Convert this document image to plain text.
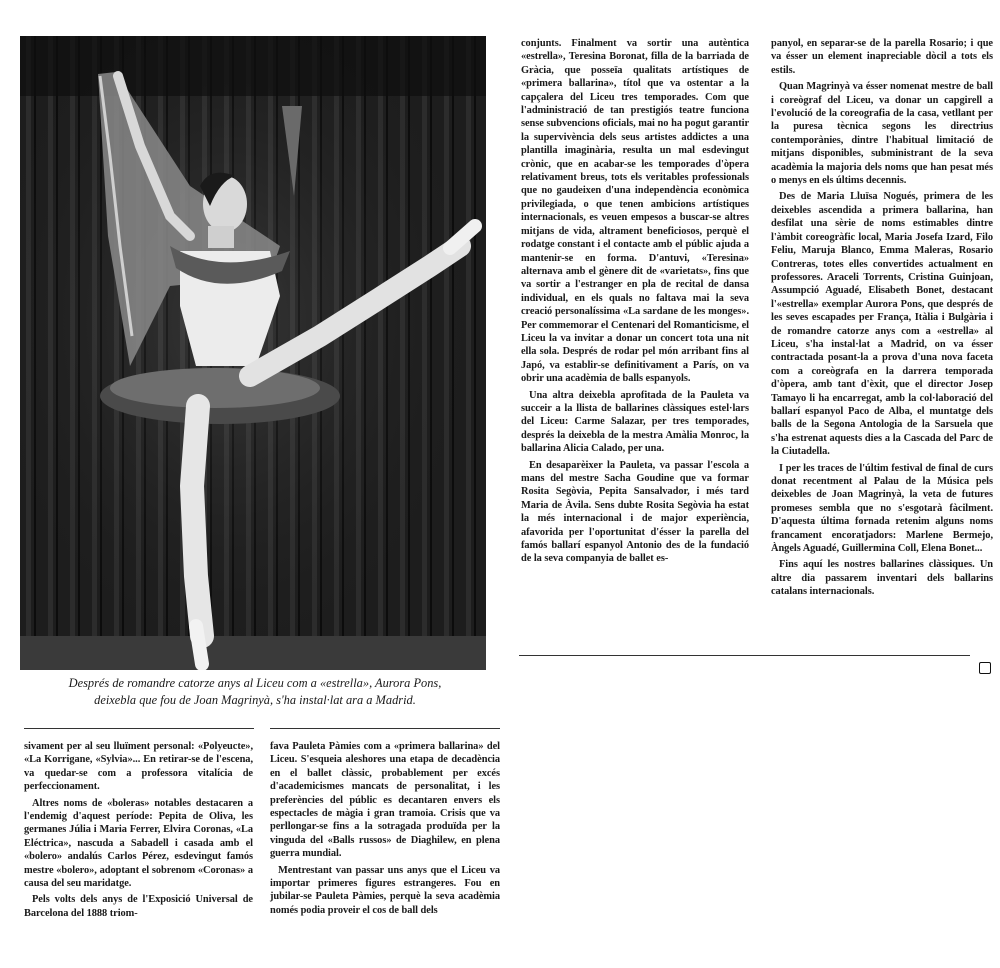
Després de romandre catorze anys al Liceu com a «estrella», Aurora Pons,

deixebla que fou de Joan Magrinyà, s'ha instal·lat ara a Madrid.

conjunts. Finalment va sortir una autèntica «estrella», Teresina Boronat, filla de la barriada de Gràcia, que posseïa qualitats artístiques de «primera ballarina», títol que va ostentar a la capçalera del Liceu tres temporades. Com que l'administració de tan prestigiós teatre funciona sense subvencions oficials, mai no ha pogut garantir la supervivència dels seus artistes addictes a una plantilla imaginària, resulta un mal esdevingut crònic, que en acabar-se les temporades d'òpera relativament breus, tots els veritables professionals que no gaudeixen d'una independència econòmica privilegiada, o que tenen ambicions artístiques internacionals, es veuen empesos a buscar-se altres mitjans de vida, altrament beneficiosos, perquè el rodatge constant i el contacte amb el públic ajuda a mantenir-se en forma. D'antuvi, «Teresina» alternava amb el gènere dit de «varietats», fins que va sortir a l'estranger en pla de recital de dansa individual, en els quals no faltava mai la seva creació personalíssima «La sardane de les monges». Per commemorar el Centenari del Romanticisme, el Liceu la va invitar a donar un concert tota una nit ella sola. Després de rodar pel món arribant fins al Japó, va establir-se definitivament a París, on va obrir una acadèmia de balls espanyols.

Una altra deixebla aprofitada de la Pauleta va succeir a la llista de ballarines clàssiques estel·lars del Liceu: Carme Salazar, per tres temporades, després la deixebla de la mestra Amàlia Monroc, la ballarina Alicia Calado, per una.

En desaparèixer la Pauleta, va passar l'escola a mans del mestre Sacha Goudine que va formar Rosita Segòvia, Pepita Sansalvador, i més tard Maria de Àvila. Sens dubte Rosita Segòvia ha estat la més internacional i de major experiència, afavorida per l'oportunitat d'ésser la parella del famós ballarí espanyol Antonio des de la fundació de la seva companyia de ballet es-

panyol, en separar-se de la parella Rosario; i que va ésser un element inapreciable dòcil a tots els estils.

Quan Magrinyà va ésser nomenat mestre de ball i coreògraf del Liceu, va donar un capgirell a l'evolució de la coreografia de la casa, vetllant per la puresa tècnica segons les directrius contemporànies, dintre l'habitual limitació de mitjans disponibles, subministrant de la seva acadèmia la majoria dels noms que han pesat més o menys en els últims decennis.

Des de Maria Lluïsa Nogués, primera de les deixebles ascendida a primera ballarina, han desfilat una sèrie de noms estimables dintre l'àmbit coreogràfic local, Maria Josefa Izard, Filo Feliu, Maruja Blanco, Emma Maleras, Rosario Contreras, totes elles convertides actualment en professores. Araceli Torrents, Cristina Guinjoan, Assumpció Aguadé, Elisabeth Bonet, destacant l'«estrella» exemplar Aurora Pons, que després de les seves escapades per França, Itàlia i Bulgària i de romandre catorze anys com a «estrella» al Liceu, s'ha instal·lat a Madrid, on va ésser contractada posant-la a prova d'una nova faceta com a coreògrafa en la darrera temporada d'òpera, amb tant d'èxit, que el director Josep Tamayo li ha encarregat, amb la col·laboració del ballarí espanyol Paco de Alba, el muntatge dels balls de la Segona Antologia de la Sarsuela que s'ha estrenat aquests dies a la Cascada del Parc de la Ciutadella.

I per les traces de l'últim festival de final de curs donat recentment al Palau de la Música pels deixebles de Joan Magrinyà, la veta de futures promeses sembla que no s'esgotarà fàcilment. D'aquesta última fornada retenim alguns noms francament encoratjadors: Marlene Bermejo, Àngels Aguadé, Guillermina Coll, Elena Bonet...

Fins aquí les nostres ballarines clàssiques. Un altre dia passarem inventari dels ballarins catalans internacionals.

sivament per al seu lluïment personal: «Polyeucte», «La Korrigane, «Sylvia»... En retirar-se de l'escena, va quedar-se com a professora vitalícia de perfeccionament.

Altres noms de «boleras» notables destacaren a l'endemig d'aquest període: Pepita de Oliva, les germanes Júlia i Maria Ferrer, Elvira Coronas, «La Eléctrica», nascuda a Sabadell i casada amb el «bolero» andalús Carlos Pérez, esdevingut famós mestre «bolero», adoptant el sobrenom «Coronas» a causa del seu maridatge.

Pels volts dels anys de l'Exposició Universal de Barcelona del 1888 triom-

fava Pauleta Pàmies com a «primera ballarina» del Liceu. S'esqueia aleshores una etapa de decadència en el ballet clàssic, probablement per excés d'academicismes mancats de personalitat, i les preferències del públic es decantaren envers els espectacles de màgia i gran tramoia. Crisis que va perllongar-se fins a la sotragada produïda per la vinguda del «Balls russos» de Diaghilew, en plena guerra mundial.

Mentrestant van passar uns anys que el Liceu va importar primeres figures estrangeres. Fou en jubilar-se Pauleta Pàmies, perquè la seva acadèmia només podia proveir el cos de ball dels
